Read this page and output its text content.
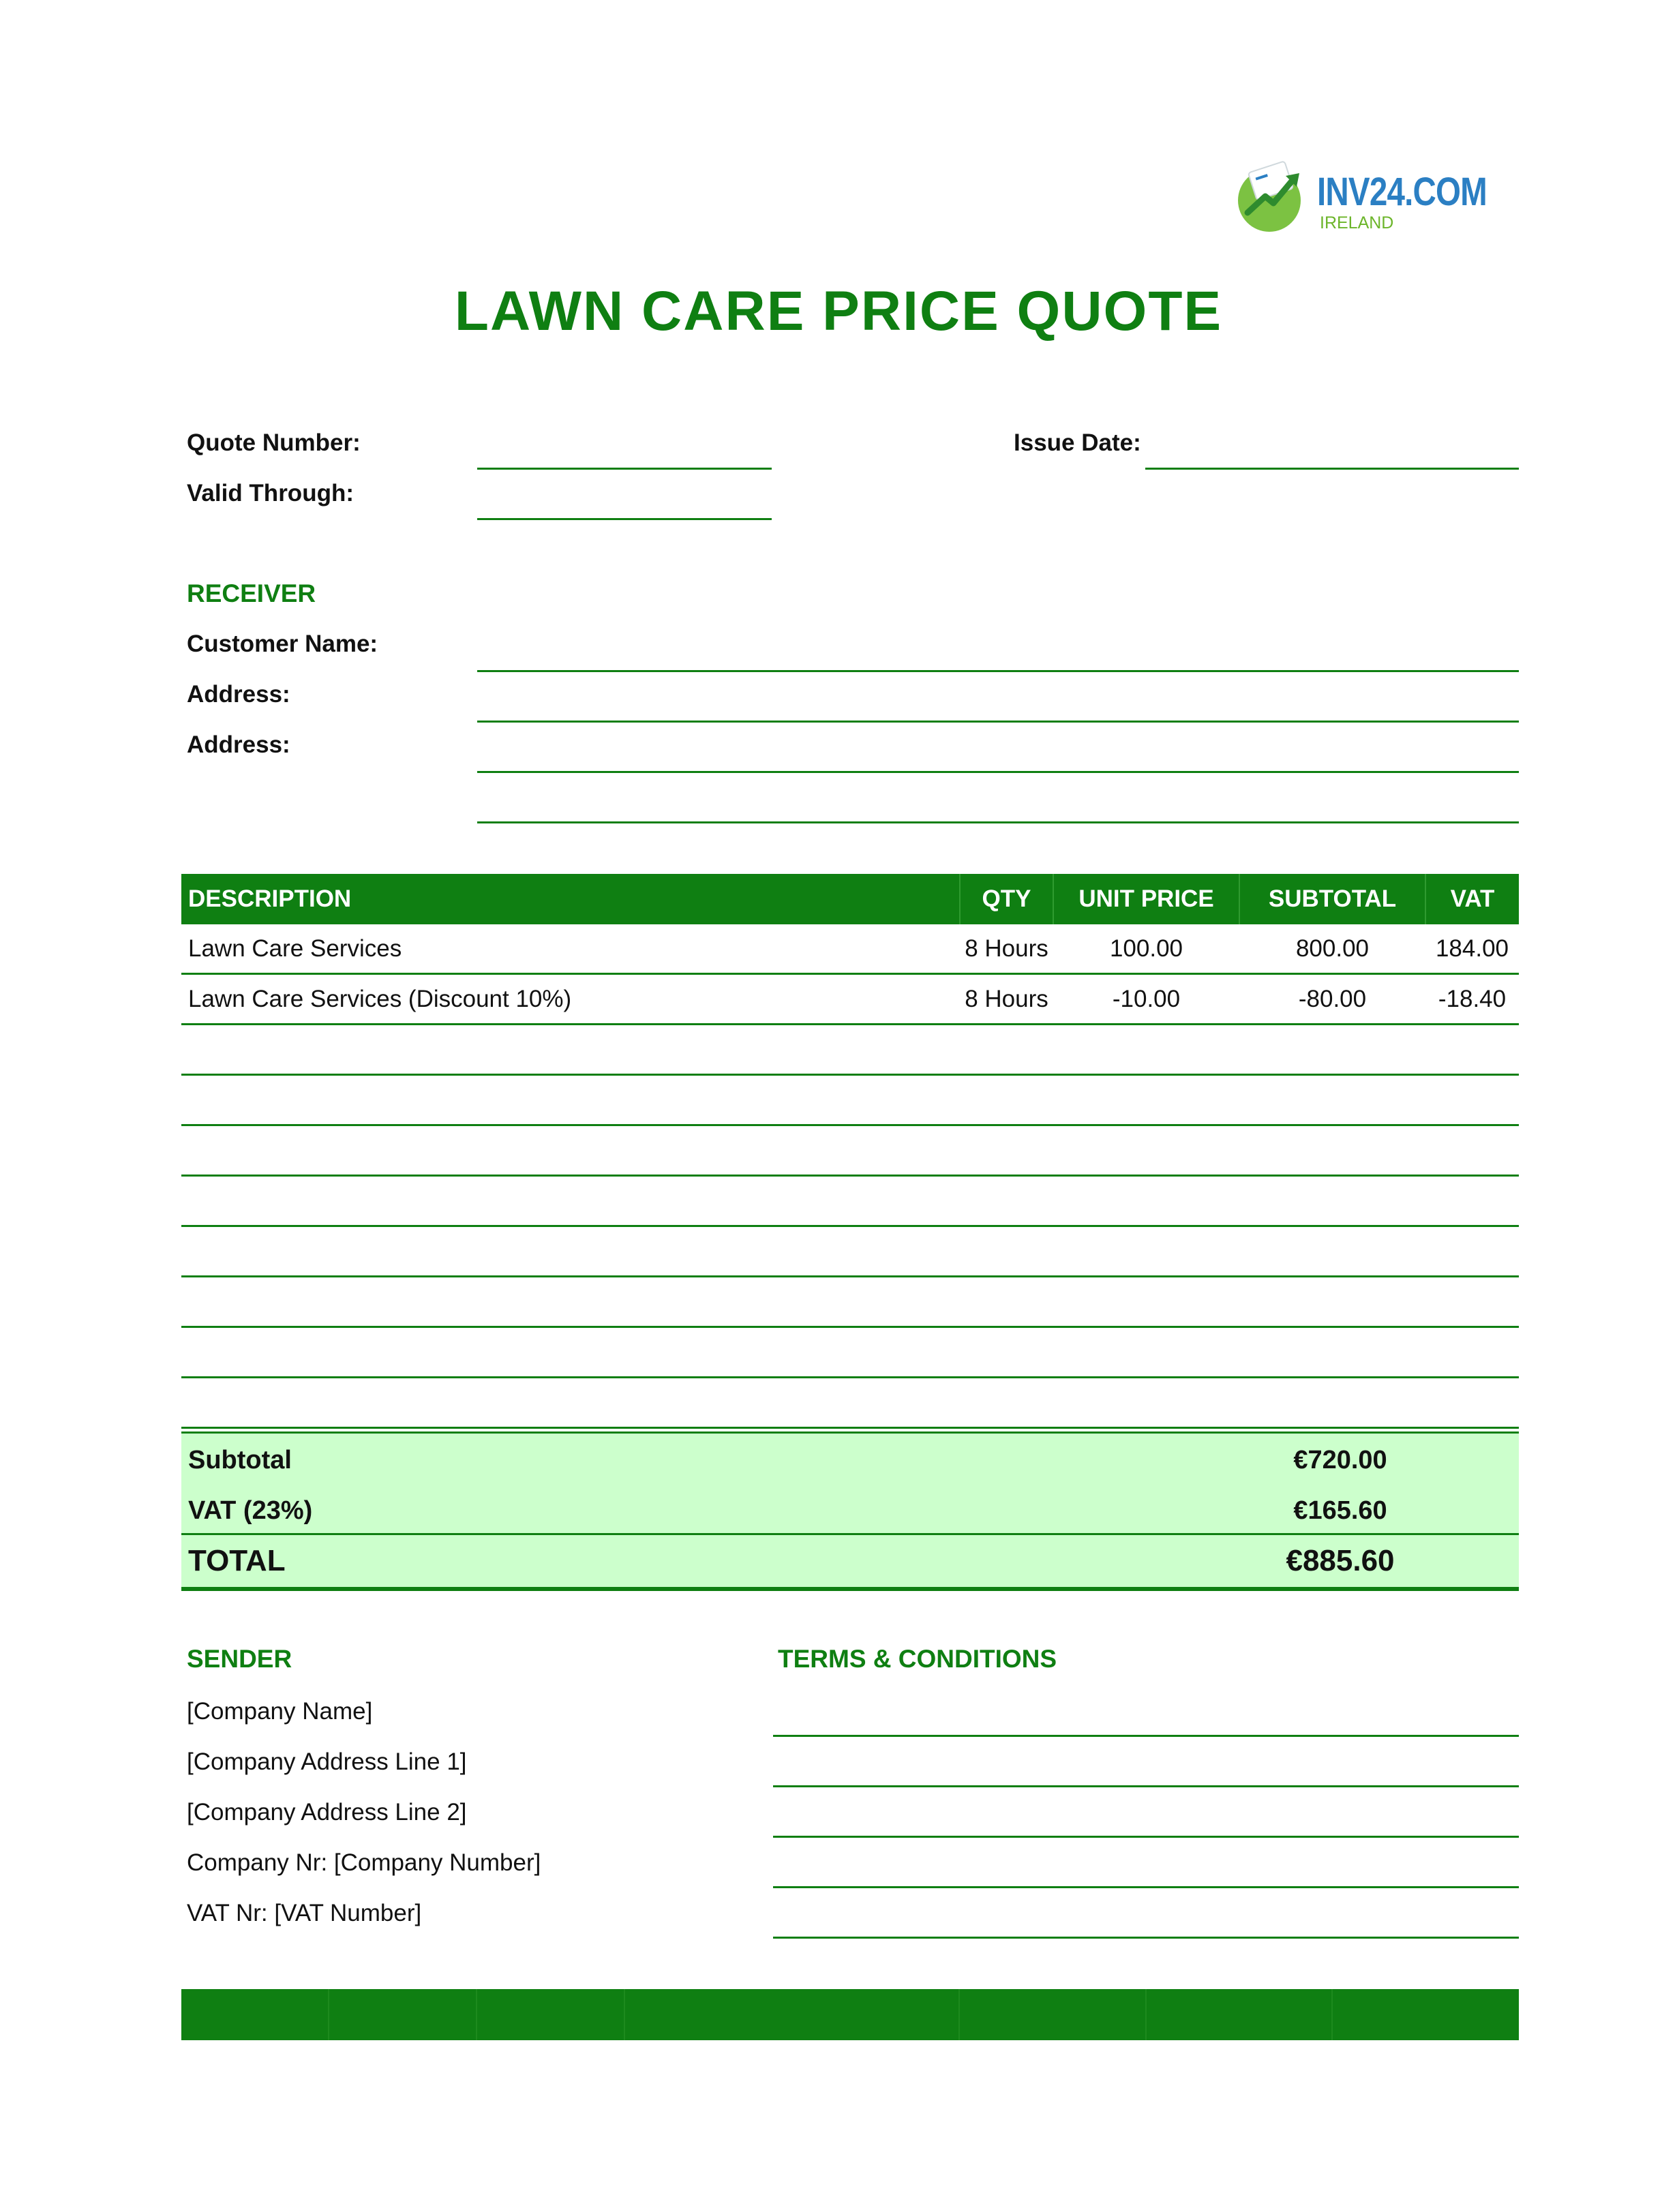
INV24.COM
IRELAND
LAWN CARE PRICE QUOTE
Quote Number:	Issue Date:
Valid Through:
RECEIVER
Customer Name:
Address:
Address:
DESCRIPTION	QTY	UNIT PRICE	SUBTOTAL	VAT
Lawn Care Services	8 Hours	100.00	800.00	184.00
Lawn Care Services (Discount 10%)	8 Hours	-10.00	-80.00	-18.40

Subtotal	€720.00
VAT (23%)	€165.60
TOTAL	€885.60
SENDER
[Company Name]
[Company Address Line 1]
[Company Address Line 2]
Company Nr: [Company Number]
VAT Nr: [VAT Number]
TERMS & CONDITIONS
